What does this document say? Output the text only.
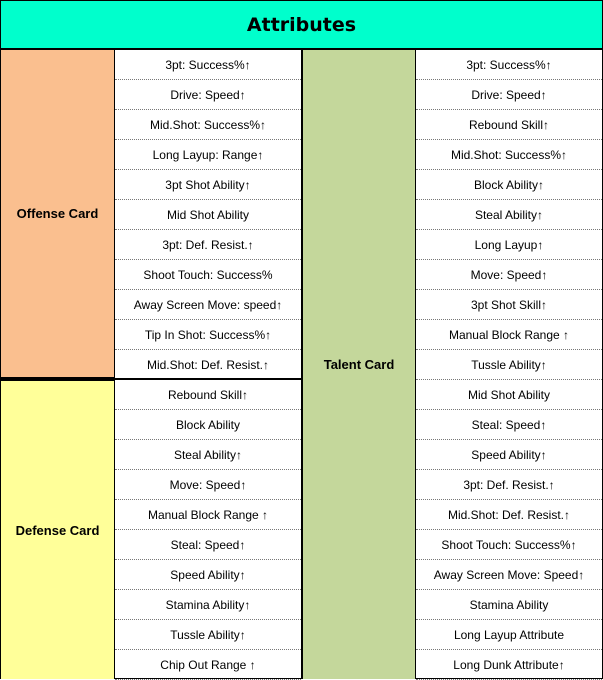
Attributes
Offense Card
3pt: Success%↑
Drive: Speed↑
Mid.Shot: Success%↑
Long Layup: Range↑
3pt Shot Ability↑
Mid Shot Ability
3pt: Def. Resist.↑
Shoot Touch: Success%
Away Screen Move: speed↑
Tip In Shot: Success%↑
Mid.Shot: Def. Resist.↑
Defense Card
Rebound Skill↑
Block Ability
Steal Ability↑
Move: Speed↑
Manual Block Range ↑
Steal: Speed↑
Speed Ability↑
Stamina Ability↑
Tussle Ability↑
Chip Out Range ↑
Talent Card
3pt: Success%↑
Drive: Speed↑
Rebound Skill↑
Mid.Shot: Success%↑
Block Ability↑
Steal Ability↑
Long Layup↑
Move: Speed↑
3pt Shot Skill↑
Manual Block Range ↑
Tussle Ability↑
Mid Shot Ability
Steal: Speed↑
Speed Ability↑
3pt: Def. Resist.↑
Mid.Shot: Def. Resist.↑
Shoot Touch: Success%↑
Away Screen Move: Speed↑
Stamina Ability
Long Layup Attribute
Long Dunk Attribute↑
